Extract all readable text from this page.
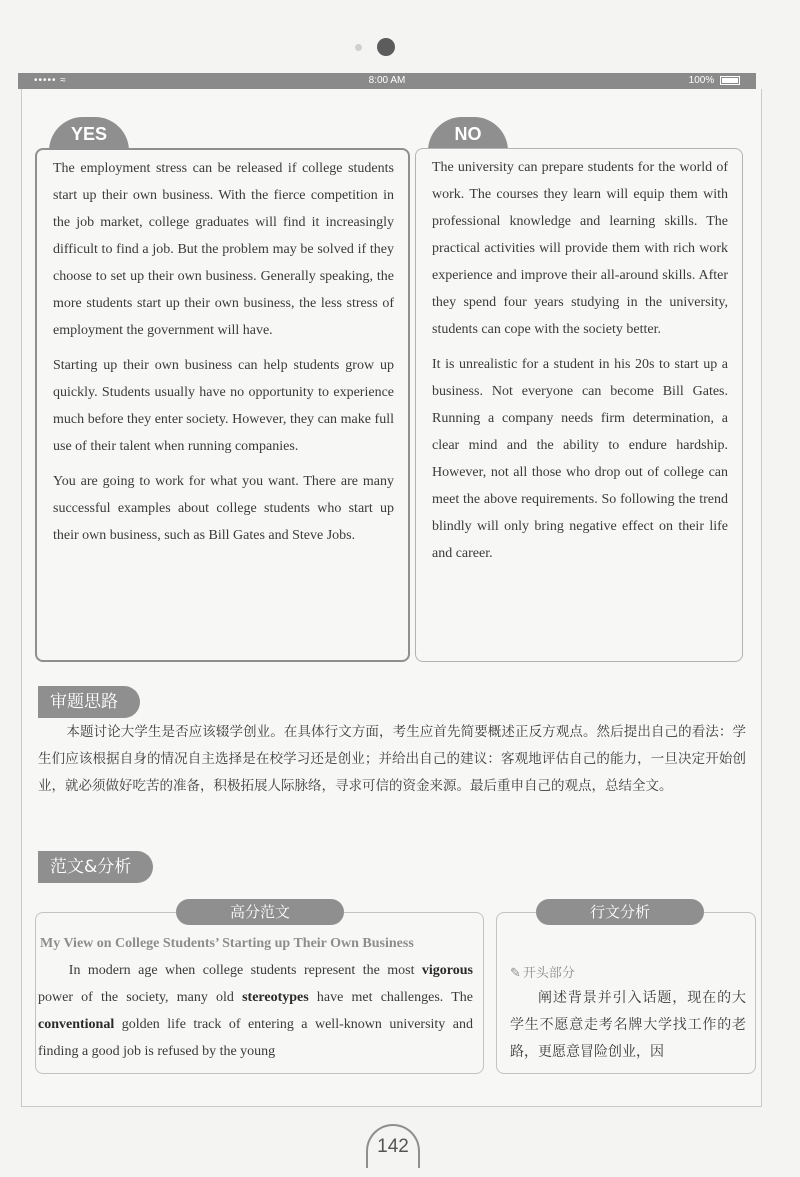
••••• ≈	8:00 AM	100%
YES	NO

The employment stress can be released if college students start up their own business. With the fierce competition in the job market, college graduates will find it increasingly difficult to find a job. But the problem may be solved if they choose to set up their own business. Generally speaking, the more students start up their own business, the less stress of employment the government will have.

Starting up their own business can help students grow up quickly. Students usually have no opportunity to experience much before they enter society. However, they can make full use of their talent when running companies.

You are going to work for what you want. There are many successful examples about college students who start up their own business, such as Bill Gates and Steve Jobs.

The university can prepare students for the world of work. The courses they learn will equip them with professional knowledge and learning skills. The practical activities will provide them with rich work experience and improve their all-around skills. After they spend four years studying in the university, students can cope with the society better.

It is unrealistic for a student in his 20s to start up a business. Not everyone can become Bill Gates. Running a company needs firm determination, a clear mind and the ability to endure hardship. However, not all those who drop out of college can meet the above requirements. So following the trend blindly will only bring negative effect on their life and career.

审题思路

本题讨论大学生是否应该辍学创业。在具体行文方面，考生应首先简要概述正反方观点。然后提出自己的看法：学生们应该根据自身的情况自主选择是在校学习还是创业；并给出自己的建议：客观地评估自己的能力，一旦决定开始创业，就必须做好吃苦的准备，积极拓展人际脉络，寻求可信的资金来源。最后重申自己的观点，总结全文。

范文&分析
高分范文	行文分析
My View on College Students’ Starting up Their Own Business

In modern age when college students represent the most vigorous power of the society, many old stereotypes have met challenges. The conventional golden life track of entering a well-known university and finding a good job is refused by the young

✎ 开头部分

阐述背景并引入话题，现在的大学生不愿意走考名牌大学找工作的老路，更愿意冒险创业，因

142
